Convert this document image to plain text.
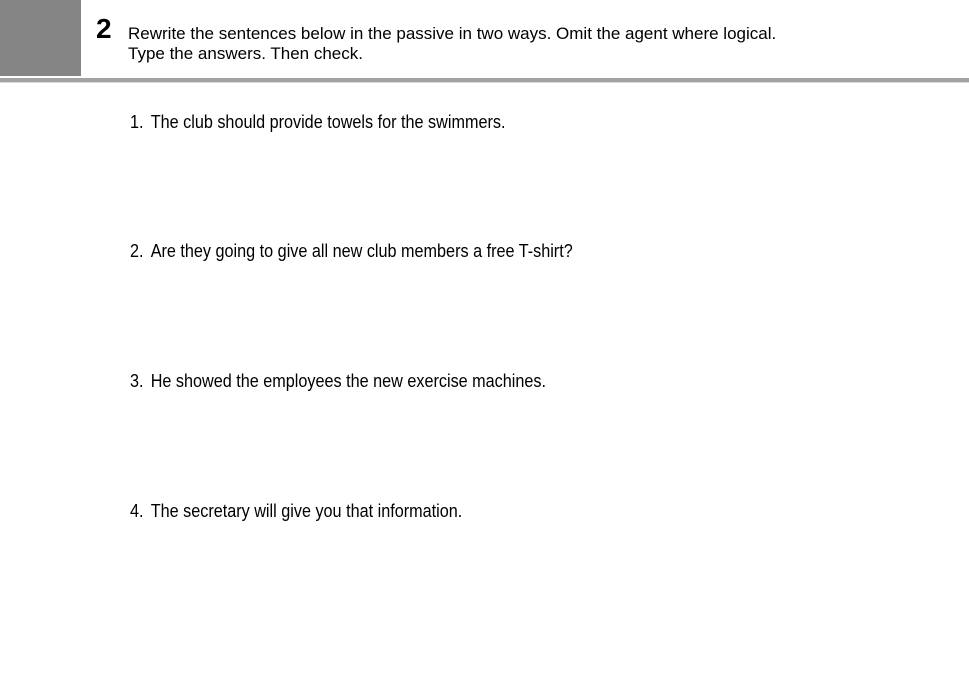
2 Rewrite the sentences below in the passive in two ways. Omit the agent where logical.
Type the answers. Then check.
1. The club should provide towels for the swimmers.
2. Are they going to give all new club members a free T-shirt?
3. He showed the employees the new exercise machines.
4. The secretary will give you that information.
